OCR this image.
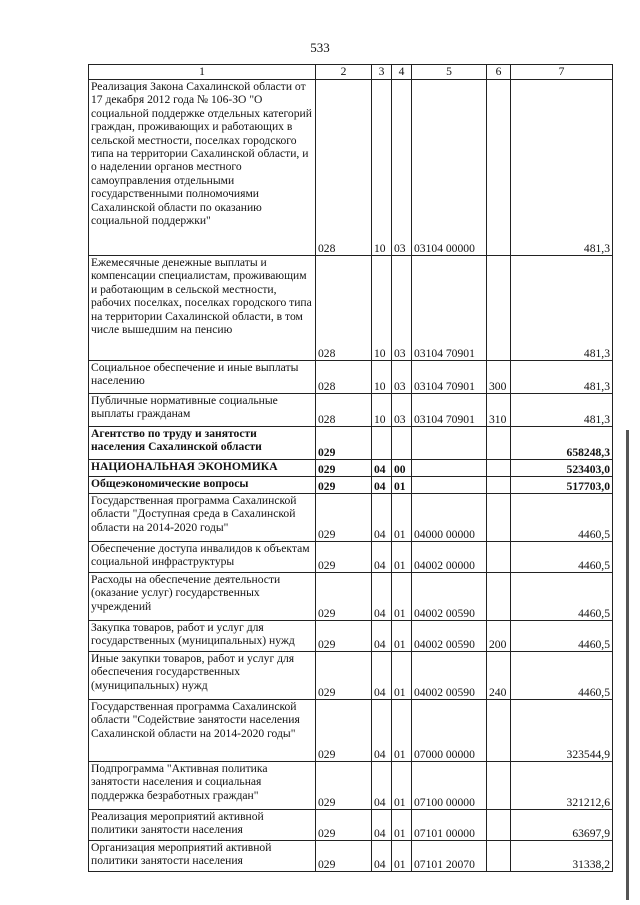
533
1	2	3	4	5	6	7
Реализация Закона Сахалинской области от 17 декабря 2012 года № 106-ЗО "О социальной поддержке отдельных категорий граждан, проживающих и работающих в сельской местности, поселках городского типа на территории Сахалинской области, и о наделении органов местного самоуправления отдельными государственными полномочиями Сахалинской области по оказанию социальной поддержки"	028	10	03	03104 00000		481,3
Ежемесячные денежные выплаты и компенсации специалистам, проживающим и работающим в сельской местности, рабочих поселках, поселках городского типа на территории Сахалинской области, в том числе вышедшим на пенсию	028	10	03	03104 70901		481,3
Социальное обеспечение и иные выплаты населению	028	10	03	03104 70901	300	481,3
Публичные нормативные социальные выплаты гражданам	028	10	03	03104 70901	310	481,3
Агентство по труду и занятости населения Сахалинской области	029					658248,3
НАЦИОНАЛЬНАЯ ЭКОНОМИКА	029	04	00			523403,0
Общеэкономические вопросы	029	04	01			517703,0
Государственная программа Сахалинской области "Доступная среда в Сахалинской области на 2014-2020 годы"	029	04	01	04000 00000		4460,5
Обеспечение доступа инвалидов к объектам социальной инфраструктуры	029	04	01	04002 00000		4460,5
Расходы на обеспечение деятельности (оказание услуг) государственных учреждений	029	04	01	04002 00590		4460,5
Закупка товаров, работ и услуг для государственных (муниципальных) нужд	029	04	01	04002 00590	200	4460,5
Иные закупки товаров, работ и услуг для обеспечения государственных (муниципальных) нужд	029	04	01	04002 00590	240	4460,5
Государственная программа Сахалинской области "Содействие занятости населения Сахалинской области на 2014-2020 годы"	029	04	01	07000 00000		323544,9
Подпрограмма "Активная политика занятости населения и социальная поддержка безработных граждан"	029	04	01	07100 00000		321212,6
Реализация мероприятий активной политики занятости населения	029	04	01	07101 00000		63697,9
Организация мероприятий активной политики занятости населения	029	04	01	07101 20070		31338,2
